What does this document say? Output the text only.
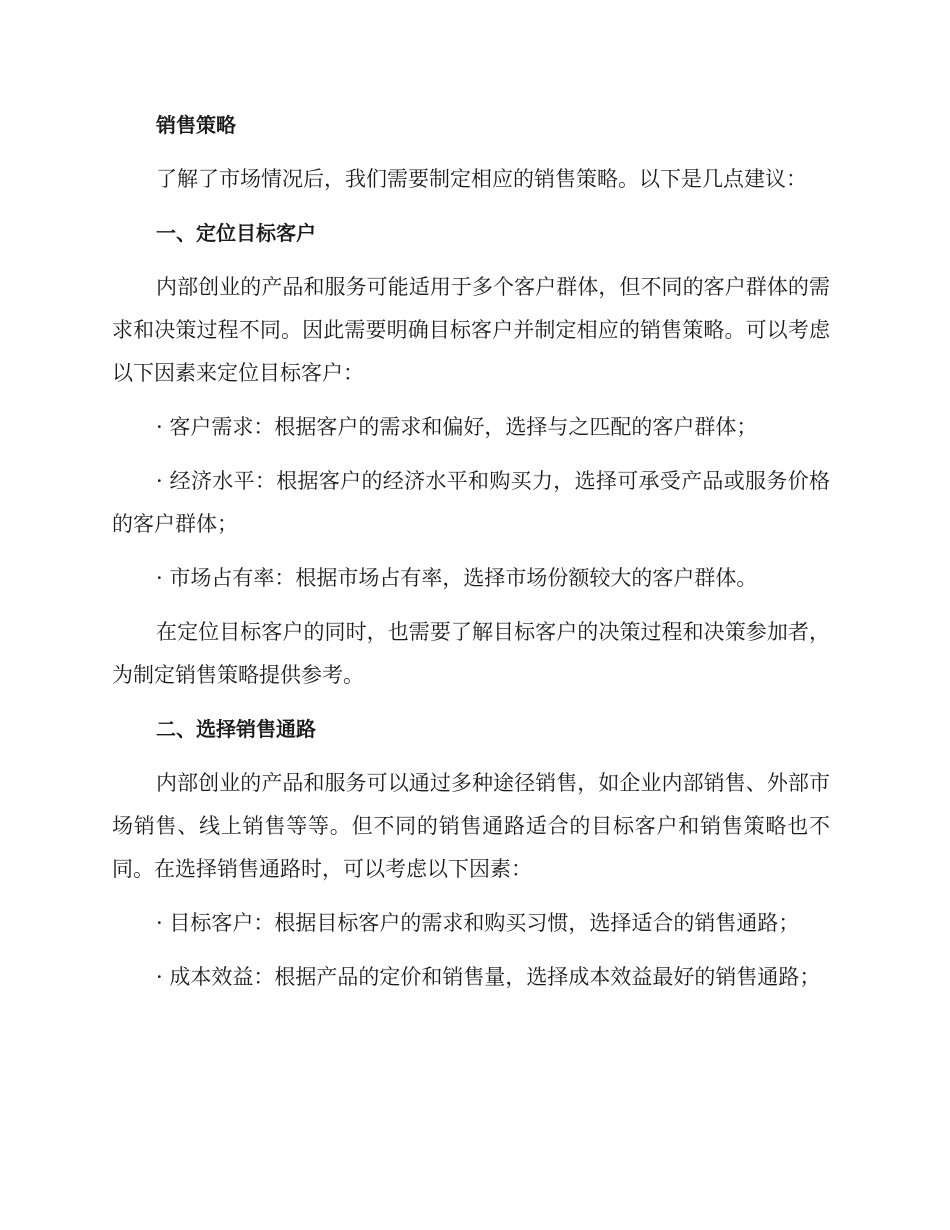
销售策略

了解了市场情况后，我们需要制定相应的销售策略。以下是几点建议：

一、定位目标客户

内部创业的产品和服务可能适用于多个客户群体，但不同的客户群体的需求和决策过程不同。因此需要明确目标客户并制定相应的销售策略。可以考虑以下因素来定位目标客户：

· 客户需求：根据客户的需求和偏好，选择与之匹配的客户群体；

· 经济水平：根据客户的经济水平和购买力，选择可承受产品或服务价格的客户群体；

· 市场占有率：根据市场占有率，选择市场份额较大的客户群体。

在定位目标客户的同时，也需要了解目标客户的决策过程和决策参加者，为制定销售策略提供参考。

二、选择销售通路

内部创业的产品和服务可以通过多种途径销售，如企业内部销售、外部市场销售、线上销售等等。但不同的销售通路适合的目标客户和销售策略也不同。在选择销售通路时，可以考虑以下因素：

· 目标客户：根据目标客户的需求和购买习惯，选择适合的销售通路；

· 成本效益：根据产品的定价和销售量，选择成本效益最好的销售通路；
